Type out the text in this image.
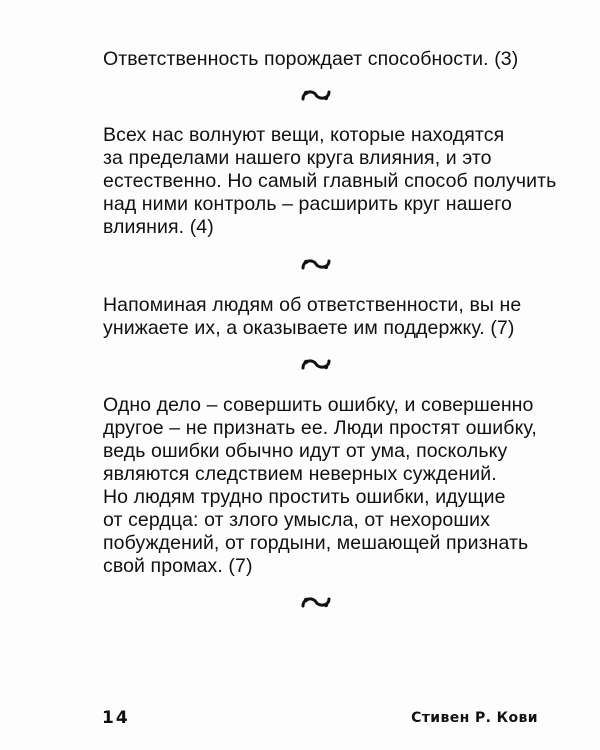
Ответственность порождает способности. (3)

Всех нас волнуют вещи, которые находятся
за пределами нашего круга влияния, и это
естественно. Но самый главный способ получить
над ними контроль – расширить круг нашего
влияния. (4)

Напоминая людям об ответственности, вы не
унижаете их, а оказываете им поддержку. (7)

Одно дело – совершить ошибку, и совершенно
другое – не признать ее. Люди простят ошибку,
ведь ошибки обычно идут от ума, поскольку
являются следствием неверных суждений.
Но людям трудно простить ошибки, идущие
от сердца: от злого умысла, от нехороших
побуждений, от гордыни, мешающей признать
свой промах. (7)

14	Стивен Р. Кови
